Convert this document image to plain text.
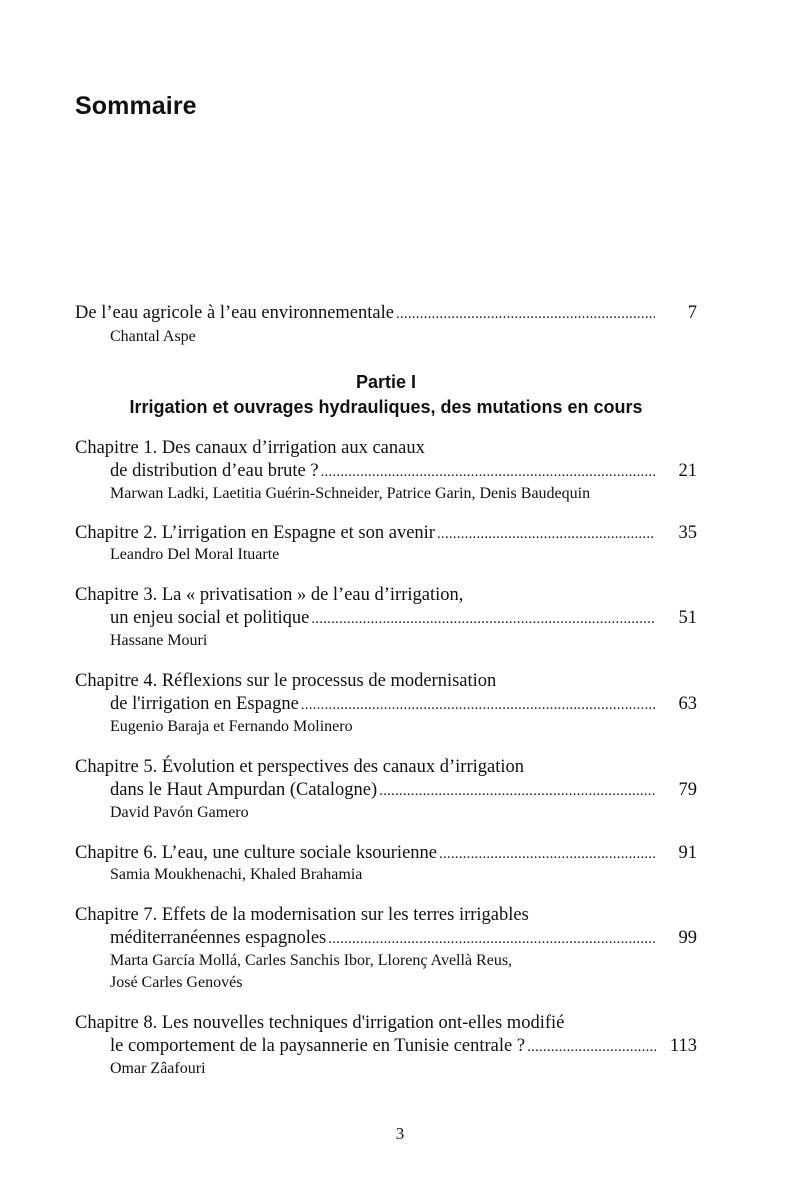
Sommaire
De l’eau agricole à l’eau environnementale .....	7
Chantal Aspe
Partie I
Irrigation et ouvrages hydrauliques, des mutations en cours
Chapitre 1. Des canaux d’irrigation aux canaux
de distribution d’eau brute ? .....	21
Marwan Ladki, Laetitia Guérin-Schneider, Patrice Garin, Denis Baudequin
Chapitre 2. L’irrigation en Espagne et son avenir .....	35
Leandro Del Moral Ituarte
Chapitre 3. La « privatisation » de l’eau d’irrigation,
un enjeu social et politique .....	51
Hassane Mouri
Chapitre 4. Réflexions sur le processus de modernisation
de l'irrigation en Espagne .....	63
Eugenio Baraja et Fernando Molinero
Chapitre 5. Évolution et perspectives des canaux d’irrigation
dans le Haut Ampurdan (Catalogne) .....	79
David Pavón Gamero
Chapitre 6. L’eau, une culture sociale ksourienne .....	91
Samia Moukhenachi, Khaled Brahamia
Chapitre 7. Effets de la modernisation sur les terres irrigables
méditerranéennes espagnoles .....	99
Marta García Mollá, Carles Sanchis Ibor, Llorenç Avellà Reus,
José Carles Genovés
Chapitre 8. Les nouvelles techniques d'irrigation ont-elles modifié
le comportement de la paysannerie en Tunisie centrale ? .....	113
Omar Zâafouri
3
